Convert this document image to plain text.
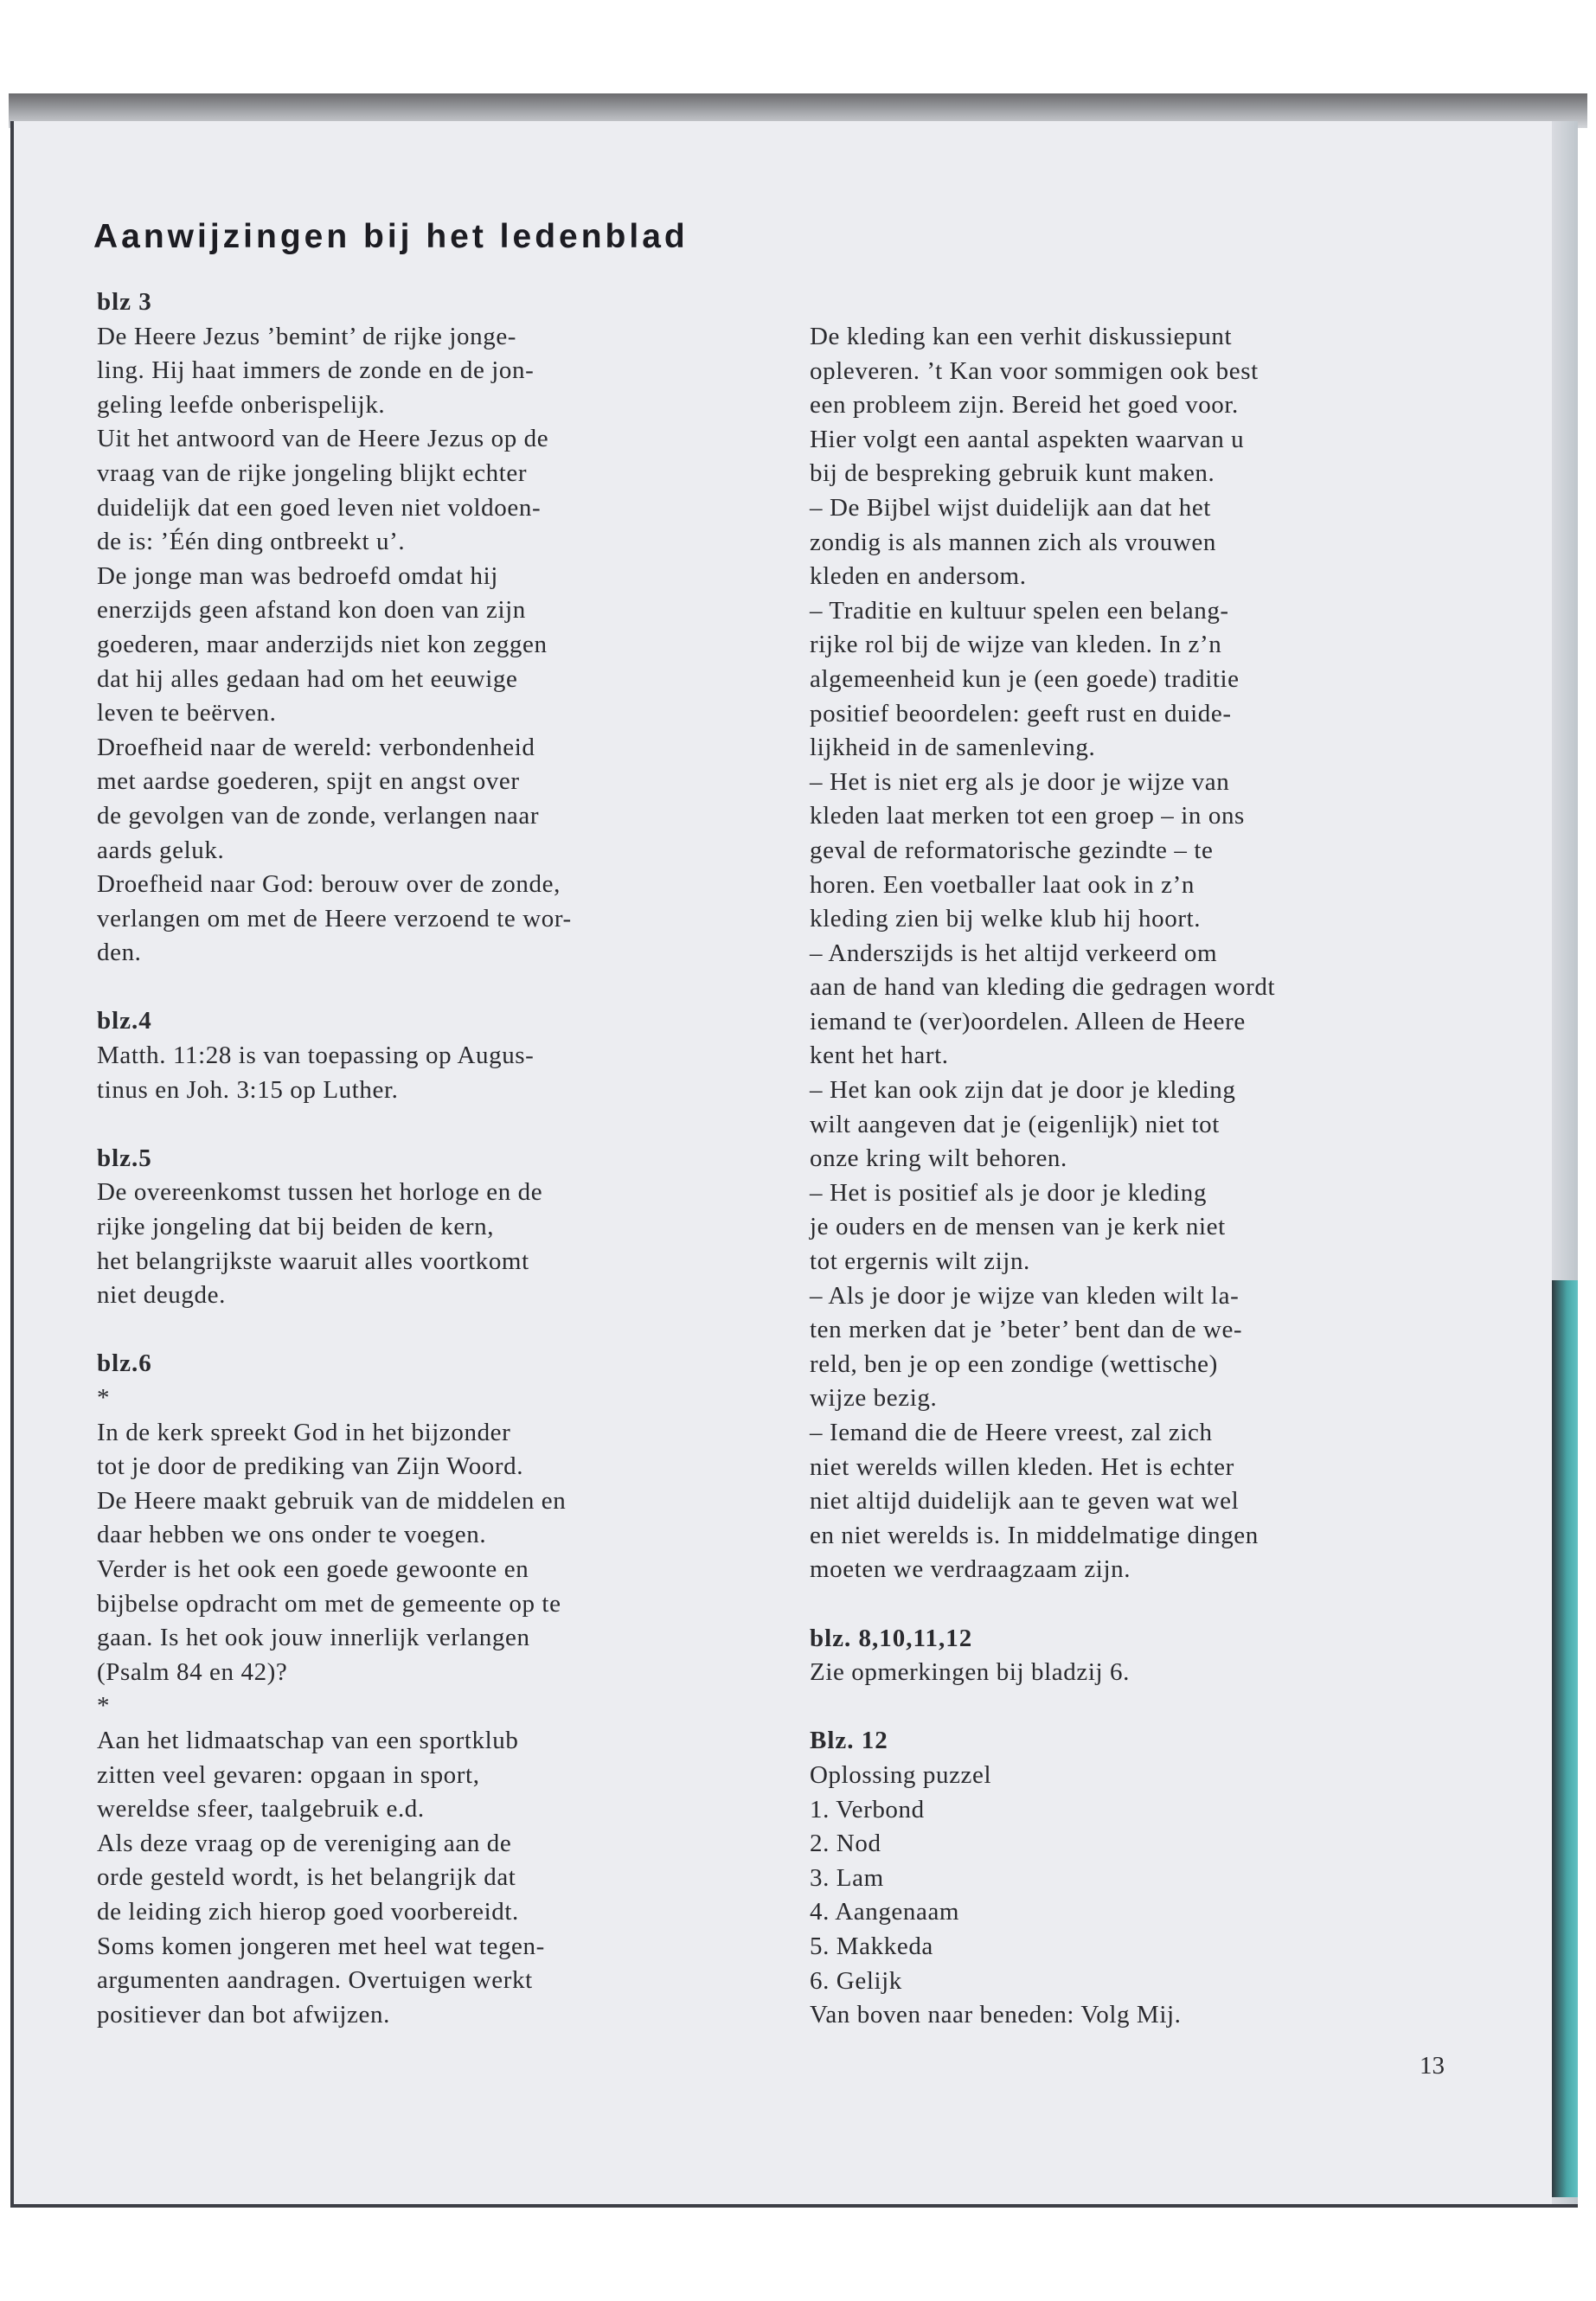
Aanwijzingen bij het ledenblad

blz 3

De Heere Jezus ’bemint’ de rijke jonge-

ling. Hij haat immers de zonde en de jon-

geling leefde onberispelijk.

Uit het antwoord van de Heere Jezus op de

vraag van de rijke jongeling blijkt echter

duidelijk dat een goed leven niet voldoen-

de is: ’Één ding ontbreekt u’.

De jonge man was bedroefd omdat hij

enerzijds geen afstand kon doen van zijn

goederen, maar anderzijds niet kon zeggen

dat hij alles gedaan had om het eeuwige

leven te beërven.

Droefheid naar de wereld: verbondenheid

met aardse goederen, spijt en angst over

de gevolgen van de zonde, verlangen naar

aards geluk.

Droefheid naar God: berouw over de zonde,

verlangen om met de Heere verzoend te wor-

den.

blz.4

Matth. 11:28 is van toepassing op Augus-

tinus en Joh. 3:15 op Luther.

blz.5

De overeenkomst tussen het horloge en de

rijke jongeling dat bij beiden de kern,

het belangrijkste waaruit alles voortkomt

niet deugde.

blz.6

*

In de kerk spreekt God in het bijzonder

tot je door de prediking van Zijn Woord.

De Heere maakt gebruik van de middelen en

daar hebben we ons onder te voegen.

Verder is het ook een goede gewoonte en

bijbelse opdracht om met de gemeente op te

gaan. Is het ook jouw innerlijk verlangen

(Psalm 84 en 42)?

*

Aan het lidmaatschap van een sportklub

zitten veel gevaren: opgaan in sport,

wereldse sfeer, taalgebruik e.d.

Als deze vraag op de vereniging aan de

orde gesteld wordt, is het belangrijk dat

de leiding zich hierop goed voorbereidt.

Soms komen jongeren met heel wat tegen-

argumenten aandragen. Overtuigen werkt

positiever dan bot afwijzen.

De kleding kan een verhit diskussiepunt

opleveren. ’t Kan voor sommigen ook best

een probleem zijn. Bereid het goed voor.

Hier volgt een aantal aspekten waarvan u

bij de bespreking gebruik kunt maken.

– De Bijbel wijst duidelijk aan dat het

zondig is als mannen zich als vrouwen

kleden en andersom.

– Traditie en kultuur spelen een belang-

rijke rol bij de wijze van kleden. In z’n

algemeenheid kun je (een goede) traditie

positief beoordelen: geeft rust en duide-

lijkheid in de samenleving.

– Het is niet erg als je door je wijze van

kleden laat merken tot een groep – in ons

geval de reformatorische gezindte – te

horen. Een voetballer laat ook in z’n

kleding zien bij welke klub hij hoort.

– Anderszijds is het altijd verkeerd om

aan de hand van kleding die gedragen wordt

iemand te (ver)oordelen. Alleen de Heere

kent het hart.

– Het kan ook zijn dat je door je kleding

wilt aangeven dat je (eigenlijk) niet tot

onze kring wilt behoren.

– Het is positief als je door je kleding

je ouders en de mensen van je kerk niet

tot ergernis wilt zijn.

– Als je door je wijze van kleden wilt la-

ten merken dat je ’beter’ bent dan de we-

reld, ben je op een zondige (wettische)

wijze bezig.

– Iemand die de Heere vreest, zal zich

niet werelds willen kleden. Het is echter

niet altijd duidelijk aan te geven wat wel

en niet werelds is. In middelmatige dingen

moeten we verdraagzaam zijn.

blz. 8,10,11,12

Zie opmerkingen bij bladzij 6.

Blz. 12

Oplossing puzzel

1. Verbond

2. Nod

3. Lam

4. Aangenaam

5. Makkeda

6. Gelijk

Van boven naar beneden: Volg Mij.

13
